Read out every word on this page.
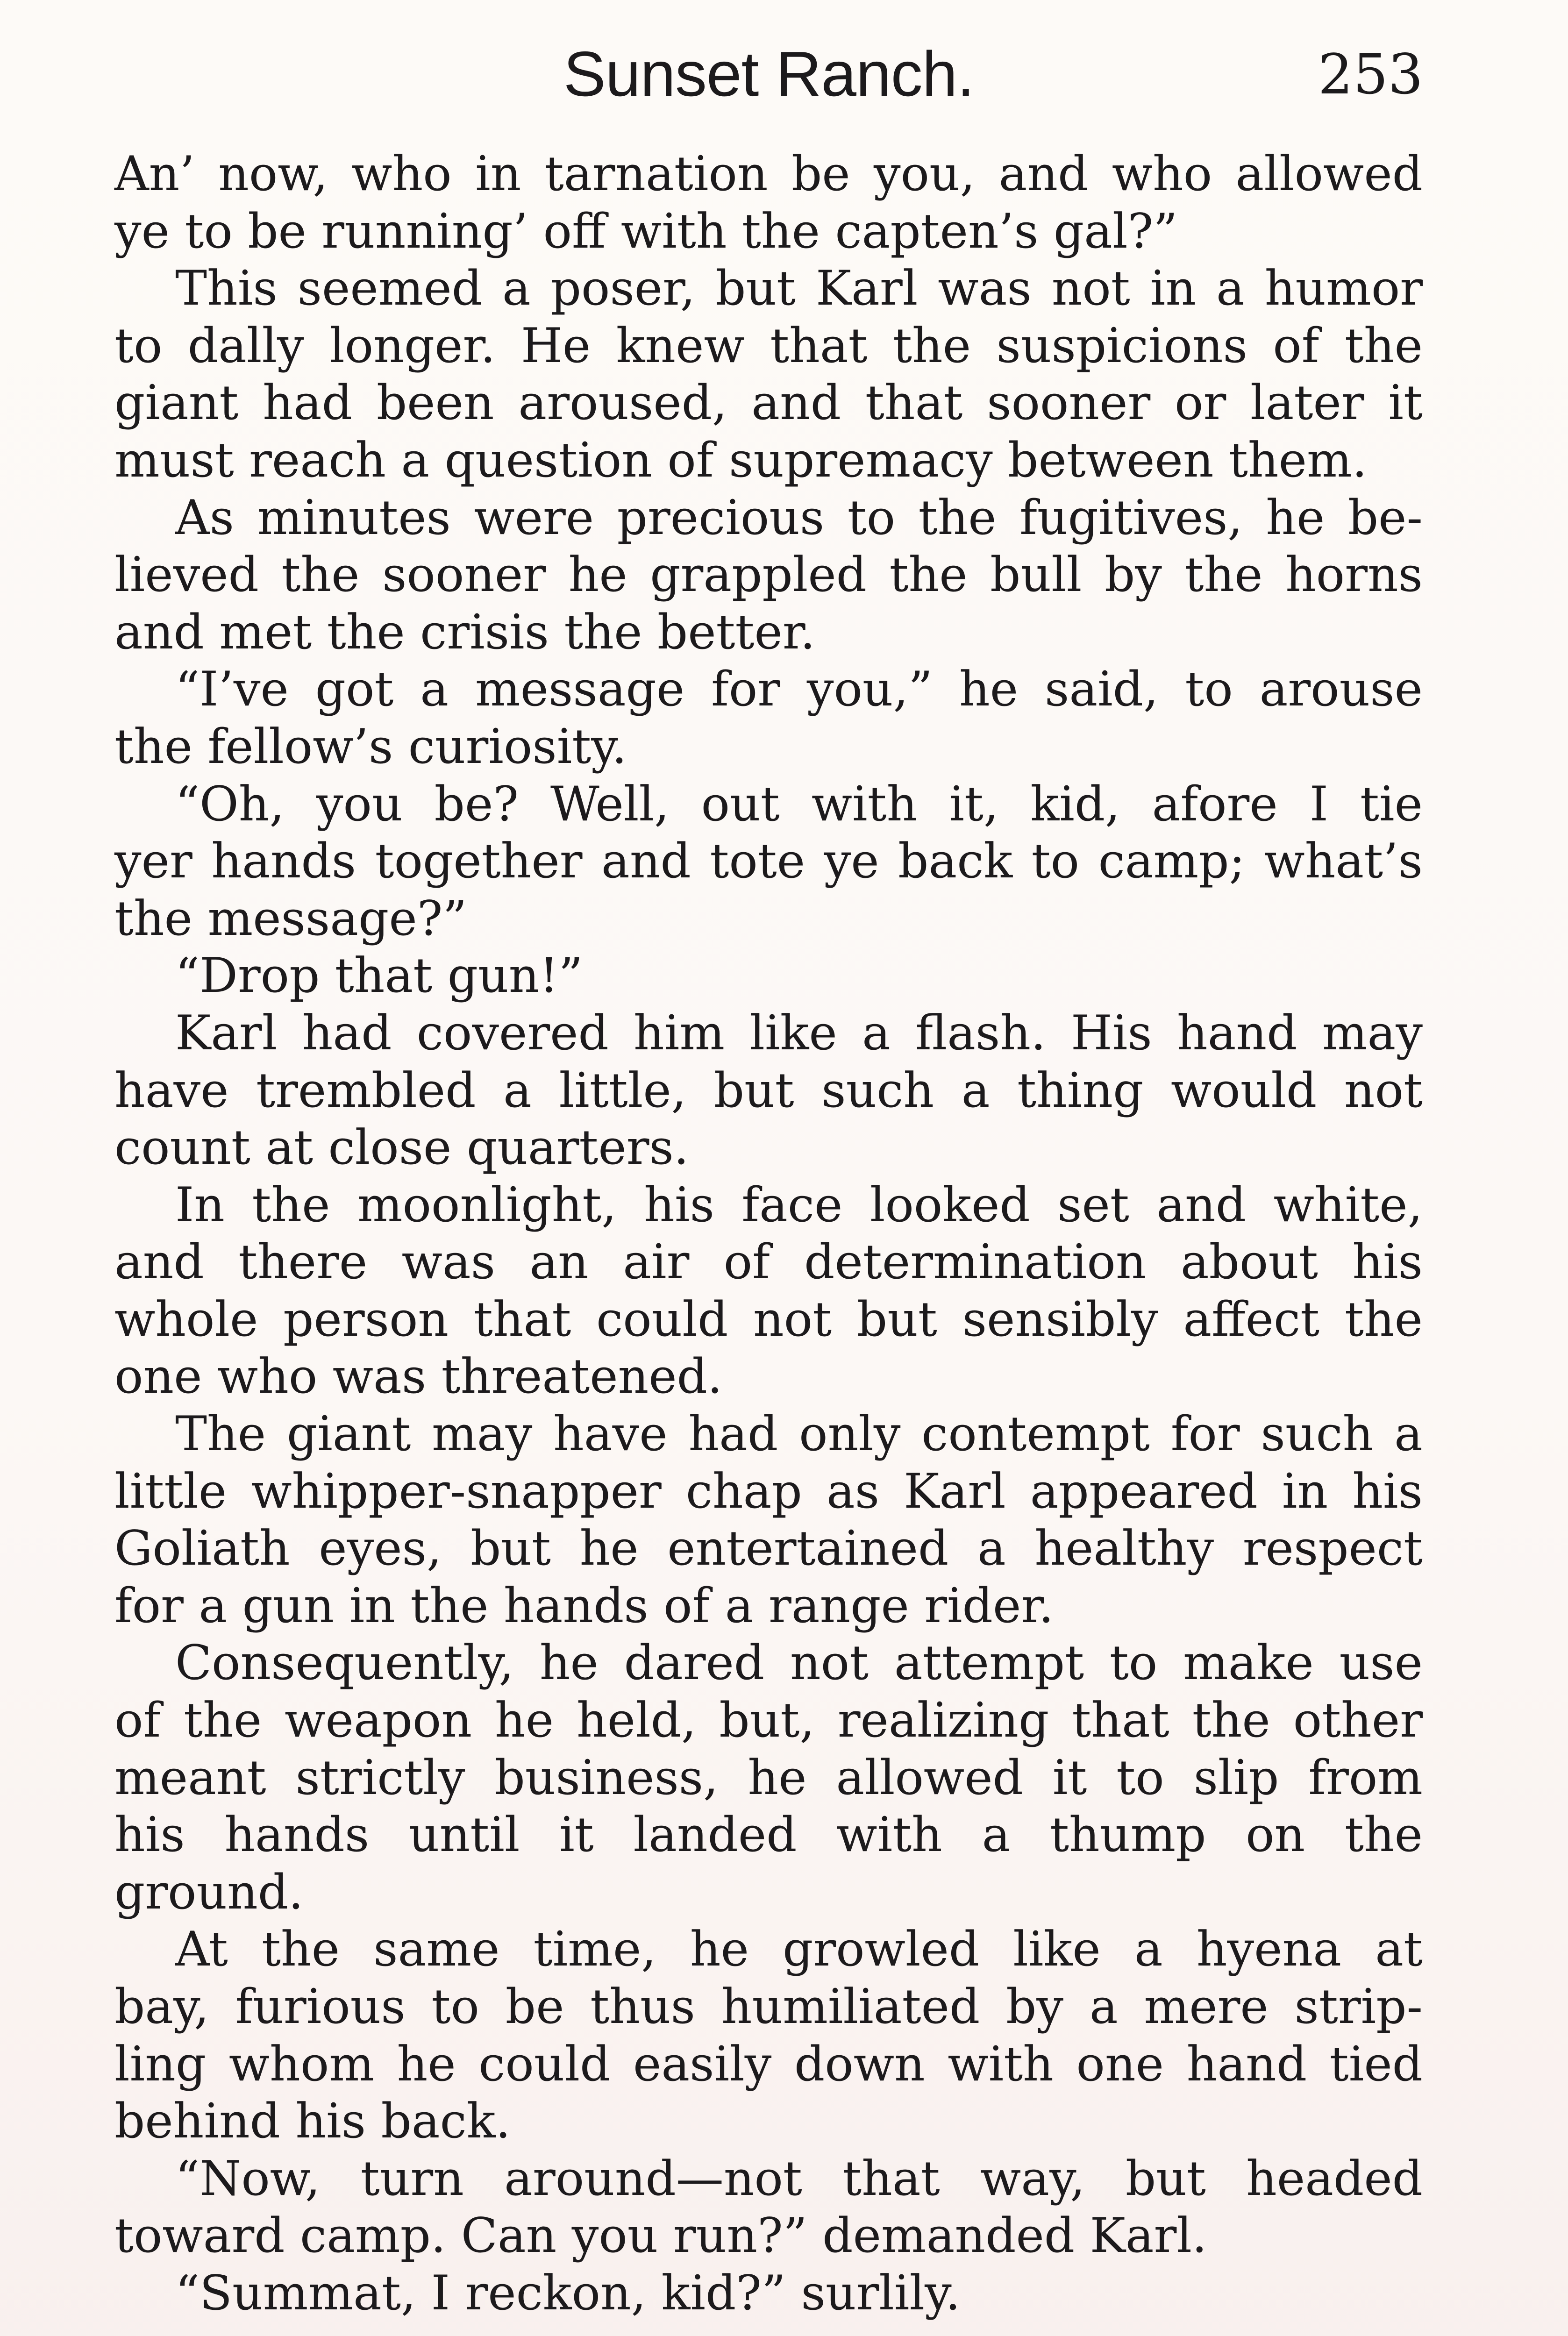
Sunset Ranch.	253
An’ now, who in tarnation be you, and who allowed
ye to be running’ off with the capten’s gal?”
This seemed a poser, but Karl was not in a humor
to dally longer. He knew that the suspicions of the
giant had been aroused, and that sooner or later it
must reach a question of supremacy between them.
As minutes were precious to the fugitives, he be-
lieved the sooner he grappled the bull by the horns
and met the crisis the better.
“I’ve got a message for you,” he said, to arouse
the fellow’s curiosity.
“Oh, you be? Well, out with it, kid, afore I tie
yer hands together and tote ye back to camp; what’s
the message?”
“Drop that gun!”
Karl had covered him like a flash. His hand may
have trembled a little, but such a thing would not
count at close quarters.
In the moonlight, his face looked set and white,
and there was an air of determination about his
whole person that could not but sensibly affect the
one who was threatened.
The giant may have had only contempt for such a
little whipper-snapper chap as Karl appeared in his
Goliath eyes, but he entertained a healthy respect
for a gun in the hands of a range rider.
Consequently, he dared not attempt to make use
of the weapon he held, but, realizing that the other
meant strictly business, he allowed it to slip from
his hands until it landed with a thump on the
ground.
At the same time, he growled like a hyena at
bay, furious to be thus humiliated by a mere strip-
ling whom he could easily down with one hand tied
behind his back.
“Now, turn around—not that way, but headed
toward camp. Can you run?” demanded Karl.
“Summat, I reckon, kid?” surlily.
